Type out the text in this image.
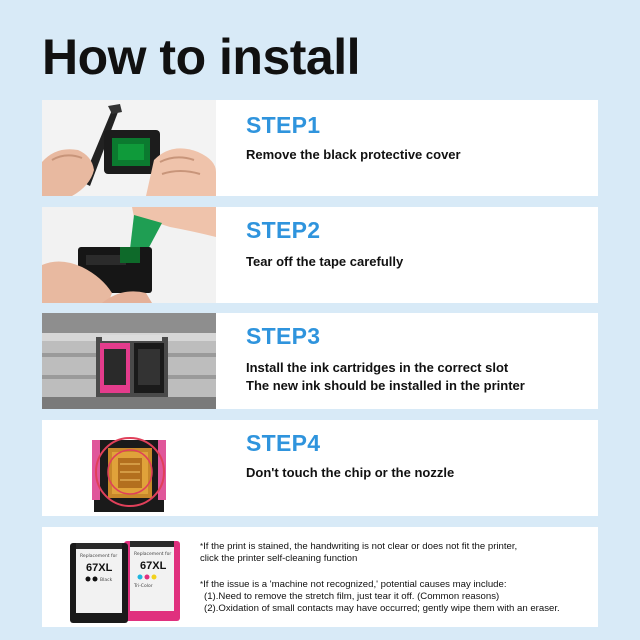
How to install
STEP1
Remove the black protective cover
STEP2
Tear off the tape carefully
STEP3
Install the ink cartridges in the correct slot
The new ink should be installed in the printer
STEP4
Don't touch the chip or the nozzle
Replacement for
67XL
Tri-Color
Replacement for
67XL
Black
*If the print is stained, the handwriting is not clear or does not fit the printer,
click the printer self-cleaning function
*If the issue is a 'machine not recognized,' potential causes may include:
(1).Need to remove the stretch film, just tear it off. (Common reasons)
(2).Oxidation of small contacts may have occurred; gently wipe them with an eraser.
